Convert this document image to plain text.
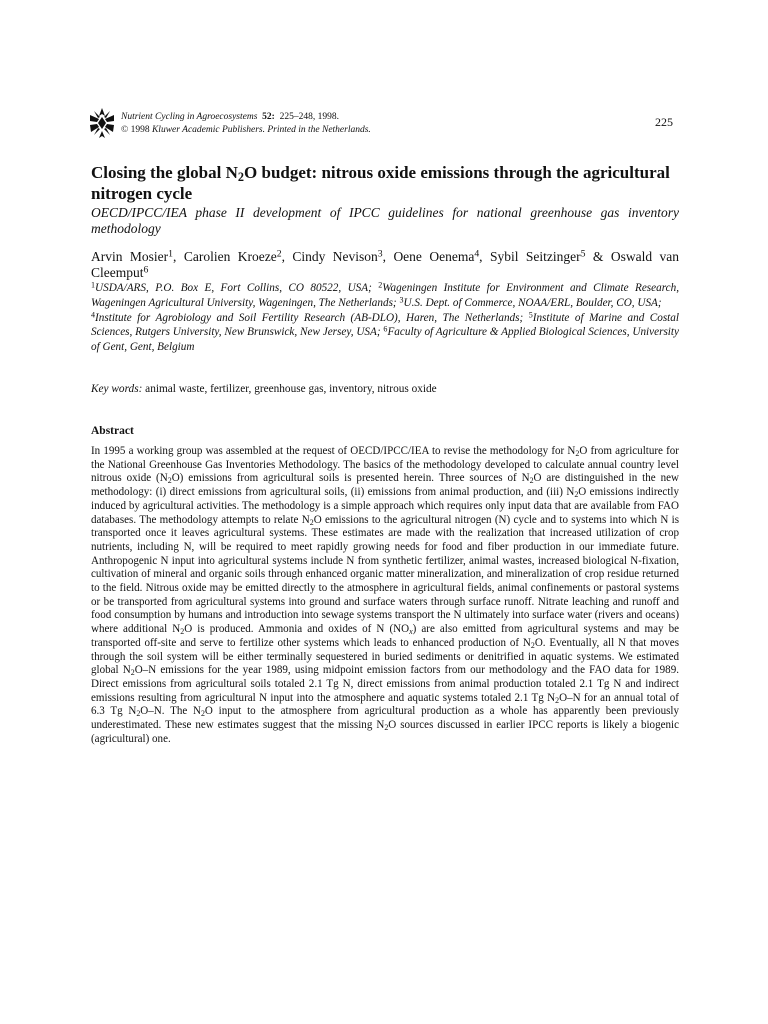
Nutrient Cycling in Agroecosystems 52: 225–248, 1998.
© 1998 Kluwer Academic Publishers. Printed in the Netherlands.
225
Closing the global $N_2O$ budget: nitrous oxide emissions through the agricultural nitrogen cycle
OECD/IPCC/IEA phase II development of IPCC guidelines for national greenhouse gas inventory methodology
Arvin Mosier$^1$, Carolien Kroeze$^2$, Cindy Nevison$^3$, Oene Oenema$^4$, Sybil Seitzinger$^5$ & Oswald van Cleemput$^6$
$^1$USDA/ARS, P.O. Box E, Fort Collins, CO 80522, USA; $^2$Wageningen Institute for Environment and Climate Research, Wageningen Agricultural University, Wageningen, The Netherlands; $^3$U.S. Dept. of Commerce, NOAA/ERL, Boulder, CO, USA;
$^4$Institute for Agrobiology and Soil Fertility Research (AB-DLO), Haren, The Netherlands; $^5$Institute of Marine and Costal Sciences, Rutgers University, New Brunswick, New Jersey, USA; $^6$Faculty of Agriculture & Applied Biological Sciences, University of Gent, Gent, Belgium
Key words: animal waste, fertilizer, greenhouse gas, inventory, nitrous oxide
Abstract
In 1995 a working group was assembled at the request of OECD/IPCC/IEA to revise the methodology for $N_2O$ from agriculture for the National Greenhouse Gas Inventories Methodology. The basics of the methodology developed to calculate annual country level nitrous oxide $(N_2O)$ emissions from agricultural soils is presented herein. Three sources of $N_2O$ are distinguished in the new methodology: (i) direct emissions from agricultural soils, (ii) emissions from animal production, and (iii) $N_2O$ emissions indirectly induced by agricultural activities. The methodology is a simple approach which requires only input data that are available from FAO databases. The methodology attempts to relate $N_2O$ emissions to the agricultural nitrogen (N) cycle and to systems into which N is transported once it leaves agricultural systems. These estimates are made with the realization that increased utilization of crop nutrients, including N, will be required to meet rapidly growing needs for food and fiber production in our immediate future. Anthropogenic N input into agricultural systems include N from synthetic fertilizer, animal wastes, increased biological N-fixation, cultivation of mineral and organic soils through enhanced organic matter mineralization, and mineralization of crop residue returned to the field. Nitrous oxide may be emitted directly to the atmosphere in agricultural fields, animal confinements or pastoral systems or be transported from agricultural systems into ground and surface waters through surface runoff. Nitrate leaching and runoff and food consumption by humans and introduction into sewage systems transport the N ultimately into surface water (rivers and oceans) where additional $N_2O$ is produced. Ammonia and oxides of N $(NO_x)$ are also emitted from agricultural systems and may be transported off-site and serve to fertilize other systems which leads to enhanced production of $N_2O$. Eventually, all N that moves through the soil system will be either terminally sequestered in buried sediments or denitrified in aquatic systems. We estimated global $N_2O-N$ emissions for the year 1989, using midpoint emission factors from our methodology and the FAO data for 1989. Direct emissions from agricultural soils totaled 2.1 Tg N, direct emissions from animal production totaled 2.1 Tg N and indirect emissions resulting from agricultural N input into the atmosphere and aquatic systems totaled 2.1 Tg $N_2O-N$ for an annual total of 6.3 Tg $N_2O-N$. The $N_2O$ input to the atmosphere from agricultural production as a whole has apparently been previously underestimated. These new estimates suggest that the missing $N_2O$ sources discussed in earlier IPCC reports is likely a biogenic (agricultural) one.
